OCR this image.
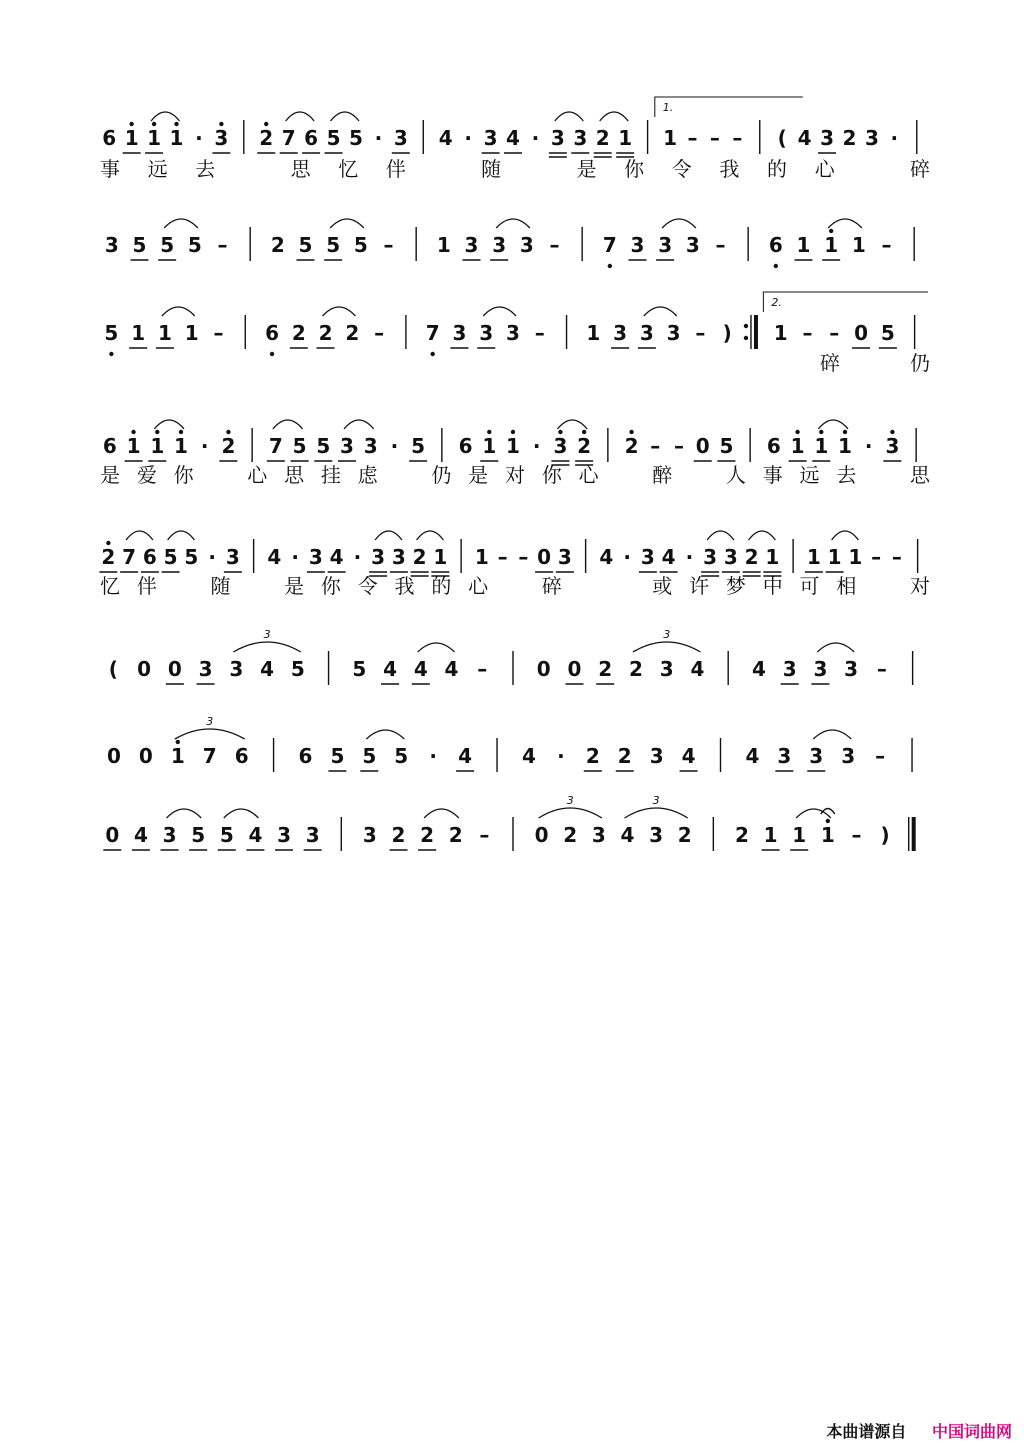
6 1 1 1 · 3 2 7 6 5 5 · 3 4 · 3 4 · 3 3 2 1 1 – – –
1.
( 4 3 2 3 ·
事 远 去	思 忆 伴	随	是 你 令 我 的 心	碎
3 5 5 5 – 2 5 5 5 – 1 3 3 3 – 7 3 3 3 – 6 1 1 1 –
5 1 1 1 – 6 2 2 2 – 7 3 3 3 – 1 3 3 3 – ) 1 – – 0 5
2.
碎	仍
6 1 1 1 · 2 7 5 5 3 3 · 5 6 1 1 · 3 2 2 – – 0 5 6 1 1 1 · 3
是 爱 你	心 思 挂 虑	仍 是 对 你 心	醉	人 事 远 去	思
2 7 6 5 5 · 3 4 · 3 4 · 3 3 2 1 1 – – 0 3 4 · 3 4 · 3 3 2 1 1 1 1 – –
忆 伴	随	是 你 令 我 的 心	碎	或 许 梦 中 可 相	对
( 0 0 3 3 4 5
3
5 4 4 4 – 0 0 2 2 3 4
3
4 3 3 3 –
0 0 1 7 6
3
6 5 5 5 · 4 4 · 2 2 3 4 4 3 3 3 –
0 4 3 5 5 4 3 3 3 2 2 2 – 0 2 3 4 3 2
3	3
2 1 1 1 – )
本曲谱源自 中国词曲网
